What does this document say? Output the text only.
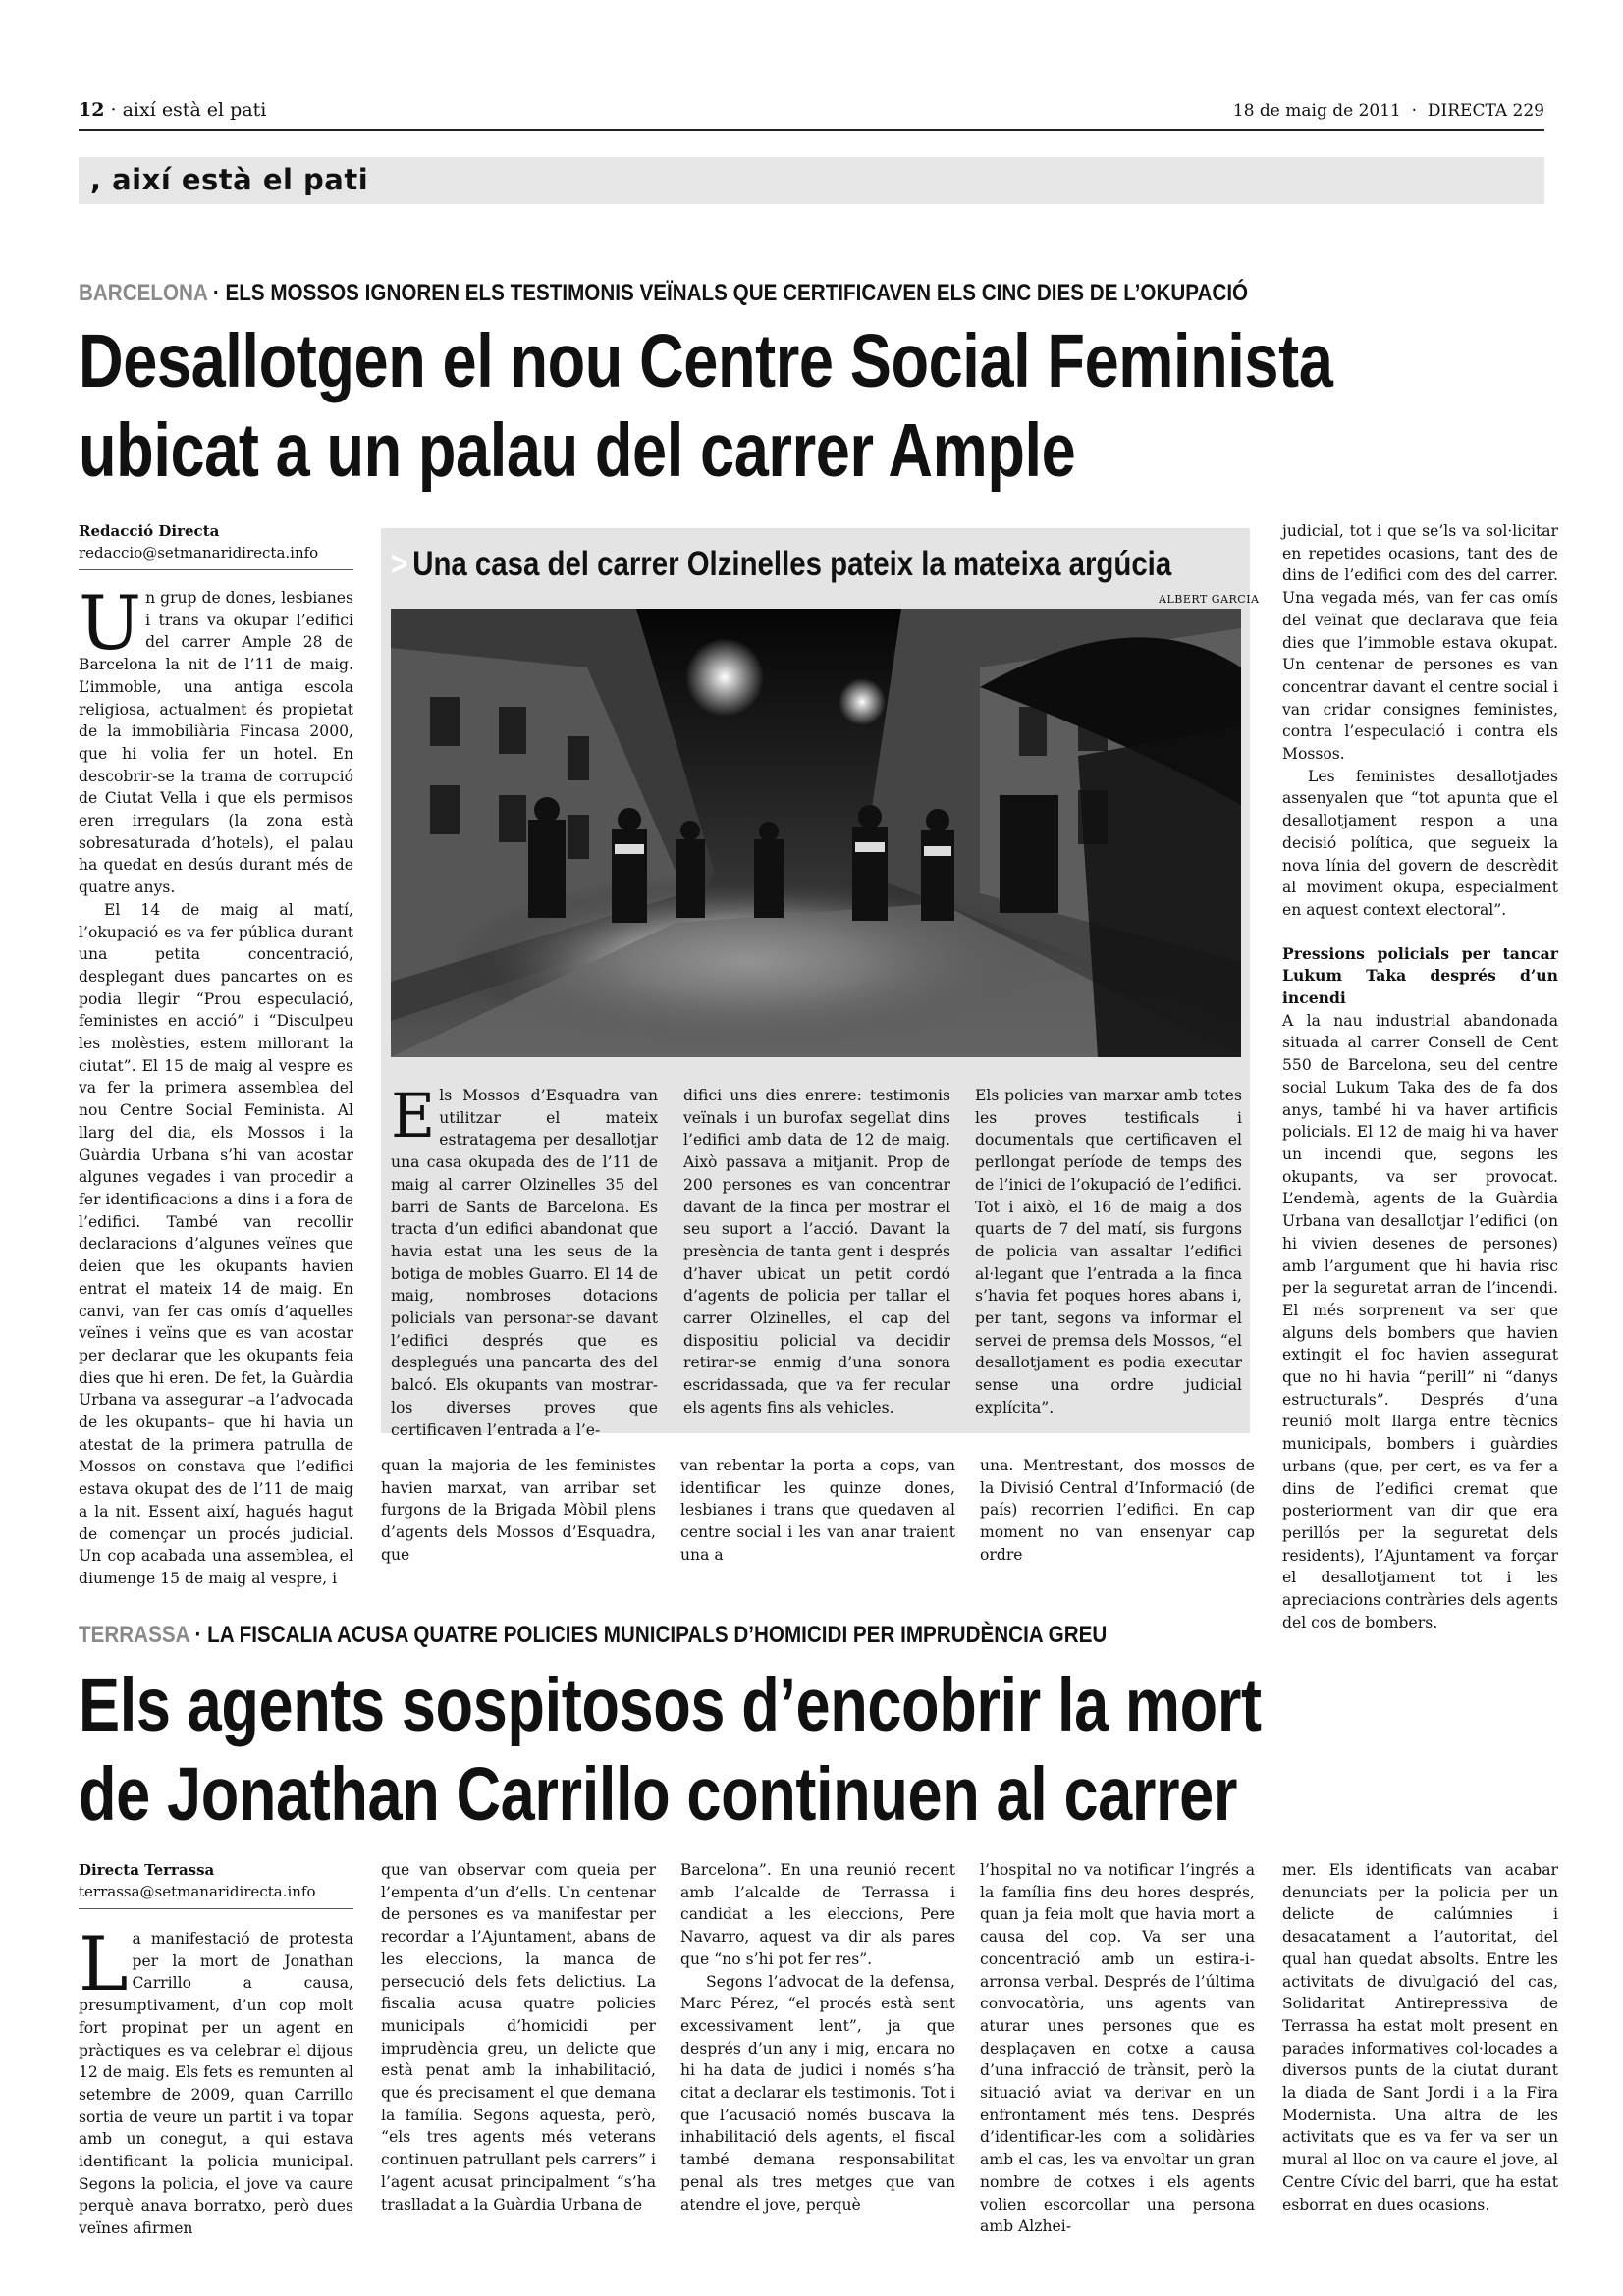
12 · així està el pati	18 de maig de 2011  ·  DIRECTA 229
, així està el pati
BARCELONA · ELS MOSSOS IGNOREN ELS TESTIMONIS VEÏNALS QUE CERTIFICAVEN ELS CINC DIES DE L’OKUPACIÓ
Desallotgen el nou Centre Social Feminista
ubicat a un palau del carrer Ample
Redacció Directa
redaccio@setmanaridirecta.info

Un grup de dones, lesbianes i trans va okupar l’edifici del carrer Ample 28 de Barcelona la nit de l’11 de maig. L’immoble, una antiga escola religiosa, actualment és propietat de la immobiliària Fincasa 2000, que hi volia fer un hotel. En descobrir-se la trama de corrupció de Ciutat Vella i que els permisos eren irregulars (la zona està sobresaturada d’hotels), el palau ha quedat en desús durant més de quatre anys.

El 14 de maig al matí, l’okupació es va fer pública durant una petita concentració, desplegant dues pancartes on es podia llegir “Prou especulació, feministes en acció” i “Disculpeu les molèsties, estem millorant la ciutat”. El 15 de maig al vespre es va fer la primera assemblea del nou Centre Social Feminista. Al llarg del dia, els Mossos i la Guàrdia Urbana s’hi van acostar algunes vegades i van procedir a fer identificacions a dins i a fora de l’edifici. També van recollir declaracions d’algunes veïnes que deien que les okupants havien entrat el mateix 14 de maig. En canvi, van fer cas omís d’aquelles veïnes i veïns que es van acostar per declarar que les okupants feia dies que hi eren. De fet, la Guàrdia Urbana va assegurar –a l’advocada de les okupants– que hi havia un atestat de la primera patrulla de Mossos on constava que l’edifici estava okupat des de l’11 de maig a la nit. Essent així, hagués hagut de començar un procés judicial. Un cop acabada una assemblea, el diumenge 15 de maig al vespre, i

> Una casa del carrer Olzinelles pateix la mateixa argúcia
ALBERT GARCIA

Els Mossos d’Esquadra van utilitzar el mateix estratagema per desallotjar una casa okupada des de l’11 de maig al carrer Olzinelles 35 del barri de Sants de Barcelona. Es tracta d’un edifici abandonat que havia estat una les seus de la botiga de mobles Guarro. El 14 de maig, nombroses dotacions policials van personar-se davant l’edifici després que es desplegués una pancarta des del balcó. Els okupants van mostrar-los diverses proves que certificaven l’entrada a l’e-

difici uns dies enrere: testimonis veïnals i un burofax segellat dins l’edifici amb data de 12 de maig. Això passava a mitjanit. Prop de 200 persones es van concentrar davant de la finca per mostrar el seu suport a l’acció. Davant la presència de tanta gent i després d’haver ubicat un petit cordó d’agents de policia per tallar el carrer Olzinelles, el cap del dispositiu policial va decidir retirar-se enmig d’una sonora escridassada, que va fer recular els agents fins als vehicles.

Els policies van marxar amb totes les proves testificals i documentals que certificaven el perllongat període de temps des de l’inici de l’okupació de l’edifici. Tot i això, el 16 de maig a dos quarts de 7 del matí, sis furgons de policia van assaltar l’edifici al·legant que l’entrada a la finca s’havia fet poques hores abans i, per tant, segons va informar el servei de premsa dels Mossos, “el desallotjament es podia executar sense una ordre judicial explícita”.

quan la majoria de les feministes havien marxat, van arribar set furgons de la Brigada Mòbil plens d’agents dels Mossos d’Esquadra, que

van rebentar la porta a cops, van identificar les quinze dones, lesbianes i trans que quedaven al centre social i les van anar traient una a

una. Mentrestant, dos mossos de la Divisió Central d’Informació (de país) recorrien l’edifici. En cap moment no van ensenyar cap ordre

judicial, tot i que se’ls va sol·licitar en repetides ocasions, tant des de dins de l’edifici com des del carrer. Una vegada més, van fer cas omís del veïnat que declarava que feia dies que l’immoble estava okupat. Un centenar de persones es van concentrar davant el centre social i van cridar consignes feministes, contra l’especulació i contra els Mossos.

Les feministes desallotjades assenyalen que “tot apunta que el desallotjament respon a una decisió política, que segueix la nova línia del govern de descrèdit al moviment okupa, especialment en aquest context electoral”.

Pressions policials per tancar Lukum Taka després d’un incendi

A la nau industrial abandonada situada al carrer Consell de Cent 550 de Barcelona, seu del centre social Lukum Taka des de fa dos anys, també hi va haver artificis policials. El 12 de maig hi va haver un incendi que, segons les okupants, va ser provocat. L’endemà, agents de la Guàrdia Urbana van desallotjar l’edifici (on hi vivien desenes de persones) amb l’argument que hi havia risc per la seguretat arran de l’incendi. El més sorprenent va ser que alguns dels bombers que havien extingit el foc havien assegurat que no hi havia “perill” ni “danys estructurals”. Després d’una reunió molt llarga entre tècnics municipals, bombers i guàrdies urbans (que, per cert, es va fer a dins de l’edifici cremat que posteriorment van dir que era perillós per la seguretat dels residents), l’Ajuntament va forçar el desallotjament tot i les apreciacions contràries dels agents del cos de bombers.

TERRASSA · LA FISCALIA ACUSA QUATRE POLICIES MUNICIPALS D’HOMICIDI PER IMPRUDÈNCIA GREU
Els agents sospitosos d’encobrir la mort
de Jonathan Carrillo continuen al carrer
Directa Terrassa
terrassa@setmanaridirecta.info

La manifestació de protesta per la mort de Jonathan Carrillo a causa, presumptivament, d’un cop molt fort propinat per un agent en pràctiques es va celebrar el dijous 12 de maig. Els fets es remunten al setembre de 2009, quan Carrillo sortia de veure un partit i va topar amb un conegut, a qui estava identificant la policia municipal. Segons la policia, el jove va caure perquè anava borratxo, però dues veïnes afirmen

que van observar com queia per l’empenta d’un d’ells. Un centenar de persones es va manifestar per recordar a l’Ajuntament, abans de les eleccions, la manca de persecució dels fets delictius. La fiscalia acusa quatre policies municipals d’homicidi per imprudència greu, un delicte que està penat amb la inhabilitació, que és precisament el que demana la família. Segons aquesta, però, “els tres agents més veterans continuen patrullant pels carrers” i l’agent acusat principalment “s’ha traslladat a la Guàrdia Urbana de

Barcelona”. En una reunió recent amb l’alcalde de Terrassa i candidat a les eleccions, Pere Navarro, aquest va dir als pares que “no s’hi pot fer res”.

Segons l’advocat de la defensa, Marc Pérez, “el procés està sent excessivament lent”, ja que després d’un any i mig, encara no hi ha data de judici i només s’ha citat a declarar els testimonis. Tot i que l’acusació només buscava la inhabilitació dels agents, el fiscal també demana responsabilitat penal als tres metges que van atendre el jove, perquè

l’hospital no va notificar l’ingrés a la família fins deu hores després, quan ja feia molt que havia mort a causa del cop. Va ser una concentració amb un estira-i-arronsa verbal. Després de l’última convocatòria, uns agents van aturar unes persones que es desplaçaven en cotxe a causa d’una infracció de trànsit, però la situació aviat va derivar en un enfrontament més tens. Després d’identificar-les com a solidàries amb el cas, les va envoltar un gran nombre de cotxes i els agents volien escorcollar una persona amb Alzhei-

mer. Els identificats van acabar denunciats per la policia per un delicte de calúmnies i desacatament a l’autoritat, del qual han quedat absolts. Entre les activitats de divulgació del cas, Solidaritat Antirepressiva de Terrassa ha estat molt present en parades informatives col·locades a diversos punts de la ciutat durant la diada de Sant Jordi i a la Fira Modernista. Una altra de les activitats que es va fer va ser un mural al lloc on va caure el jove, al Centre Cívic del barri, que ha estat esborrat en dues ocasions.
